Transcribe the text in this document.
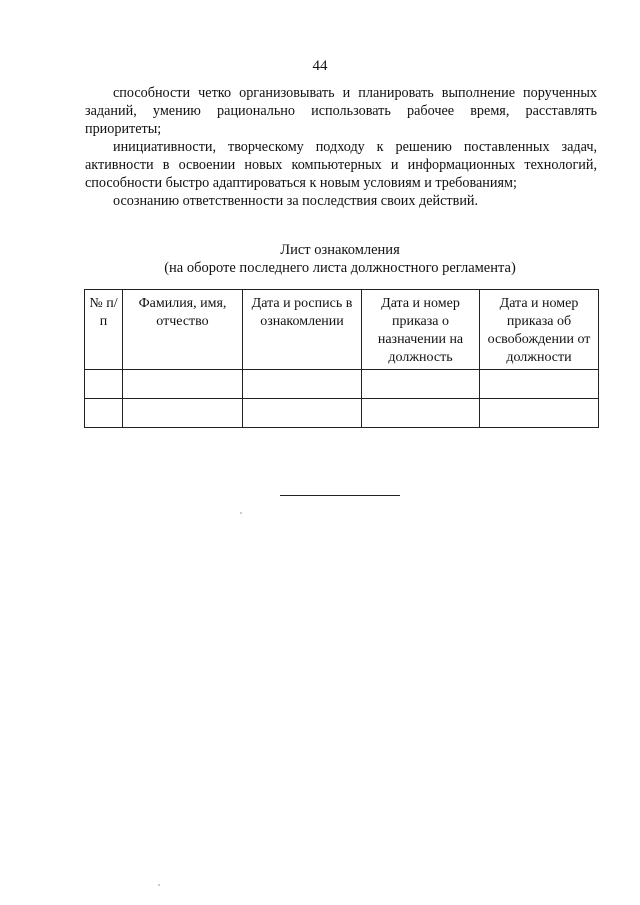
44

способности четко организовывать и планировать выполнение порученных заданий, умению рационально использовать рабочее время, расставлять приоритеты;

инициативности, творческому подходу к решению поставленных задач, активности в освоении новых компьютерных и информационных технологий, способности быстро адаптироваться к новым условиям и требованиям;

осознанию ответственности за последствия своих действий.

Лист ознакомления
(на обороте последнего листа должностного регламента)
№ п/п	Фамилия, имя, отчество	Дата и роспись в ознакомлении	Дата и номер приказа о назначении на должность	Дата и номер приказа об освобождении от должности
